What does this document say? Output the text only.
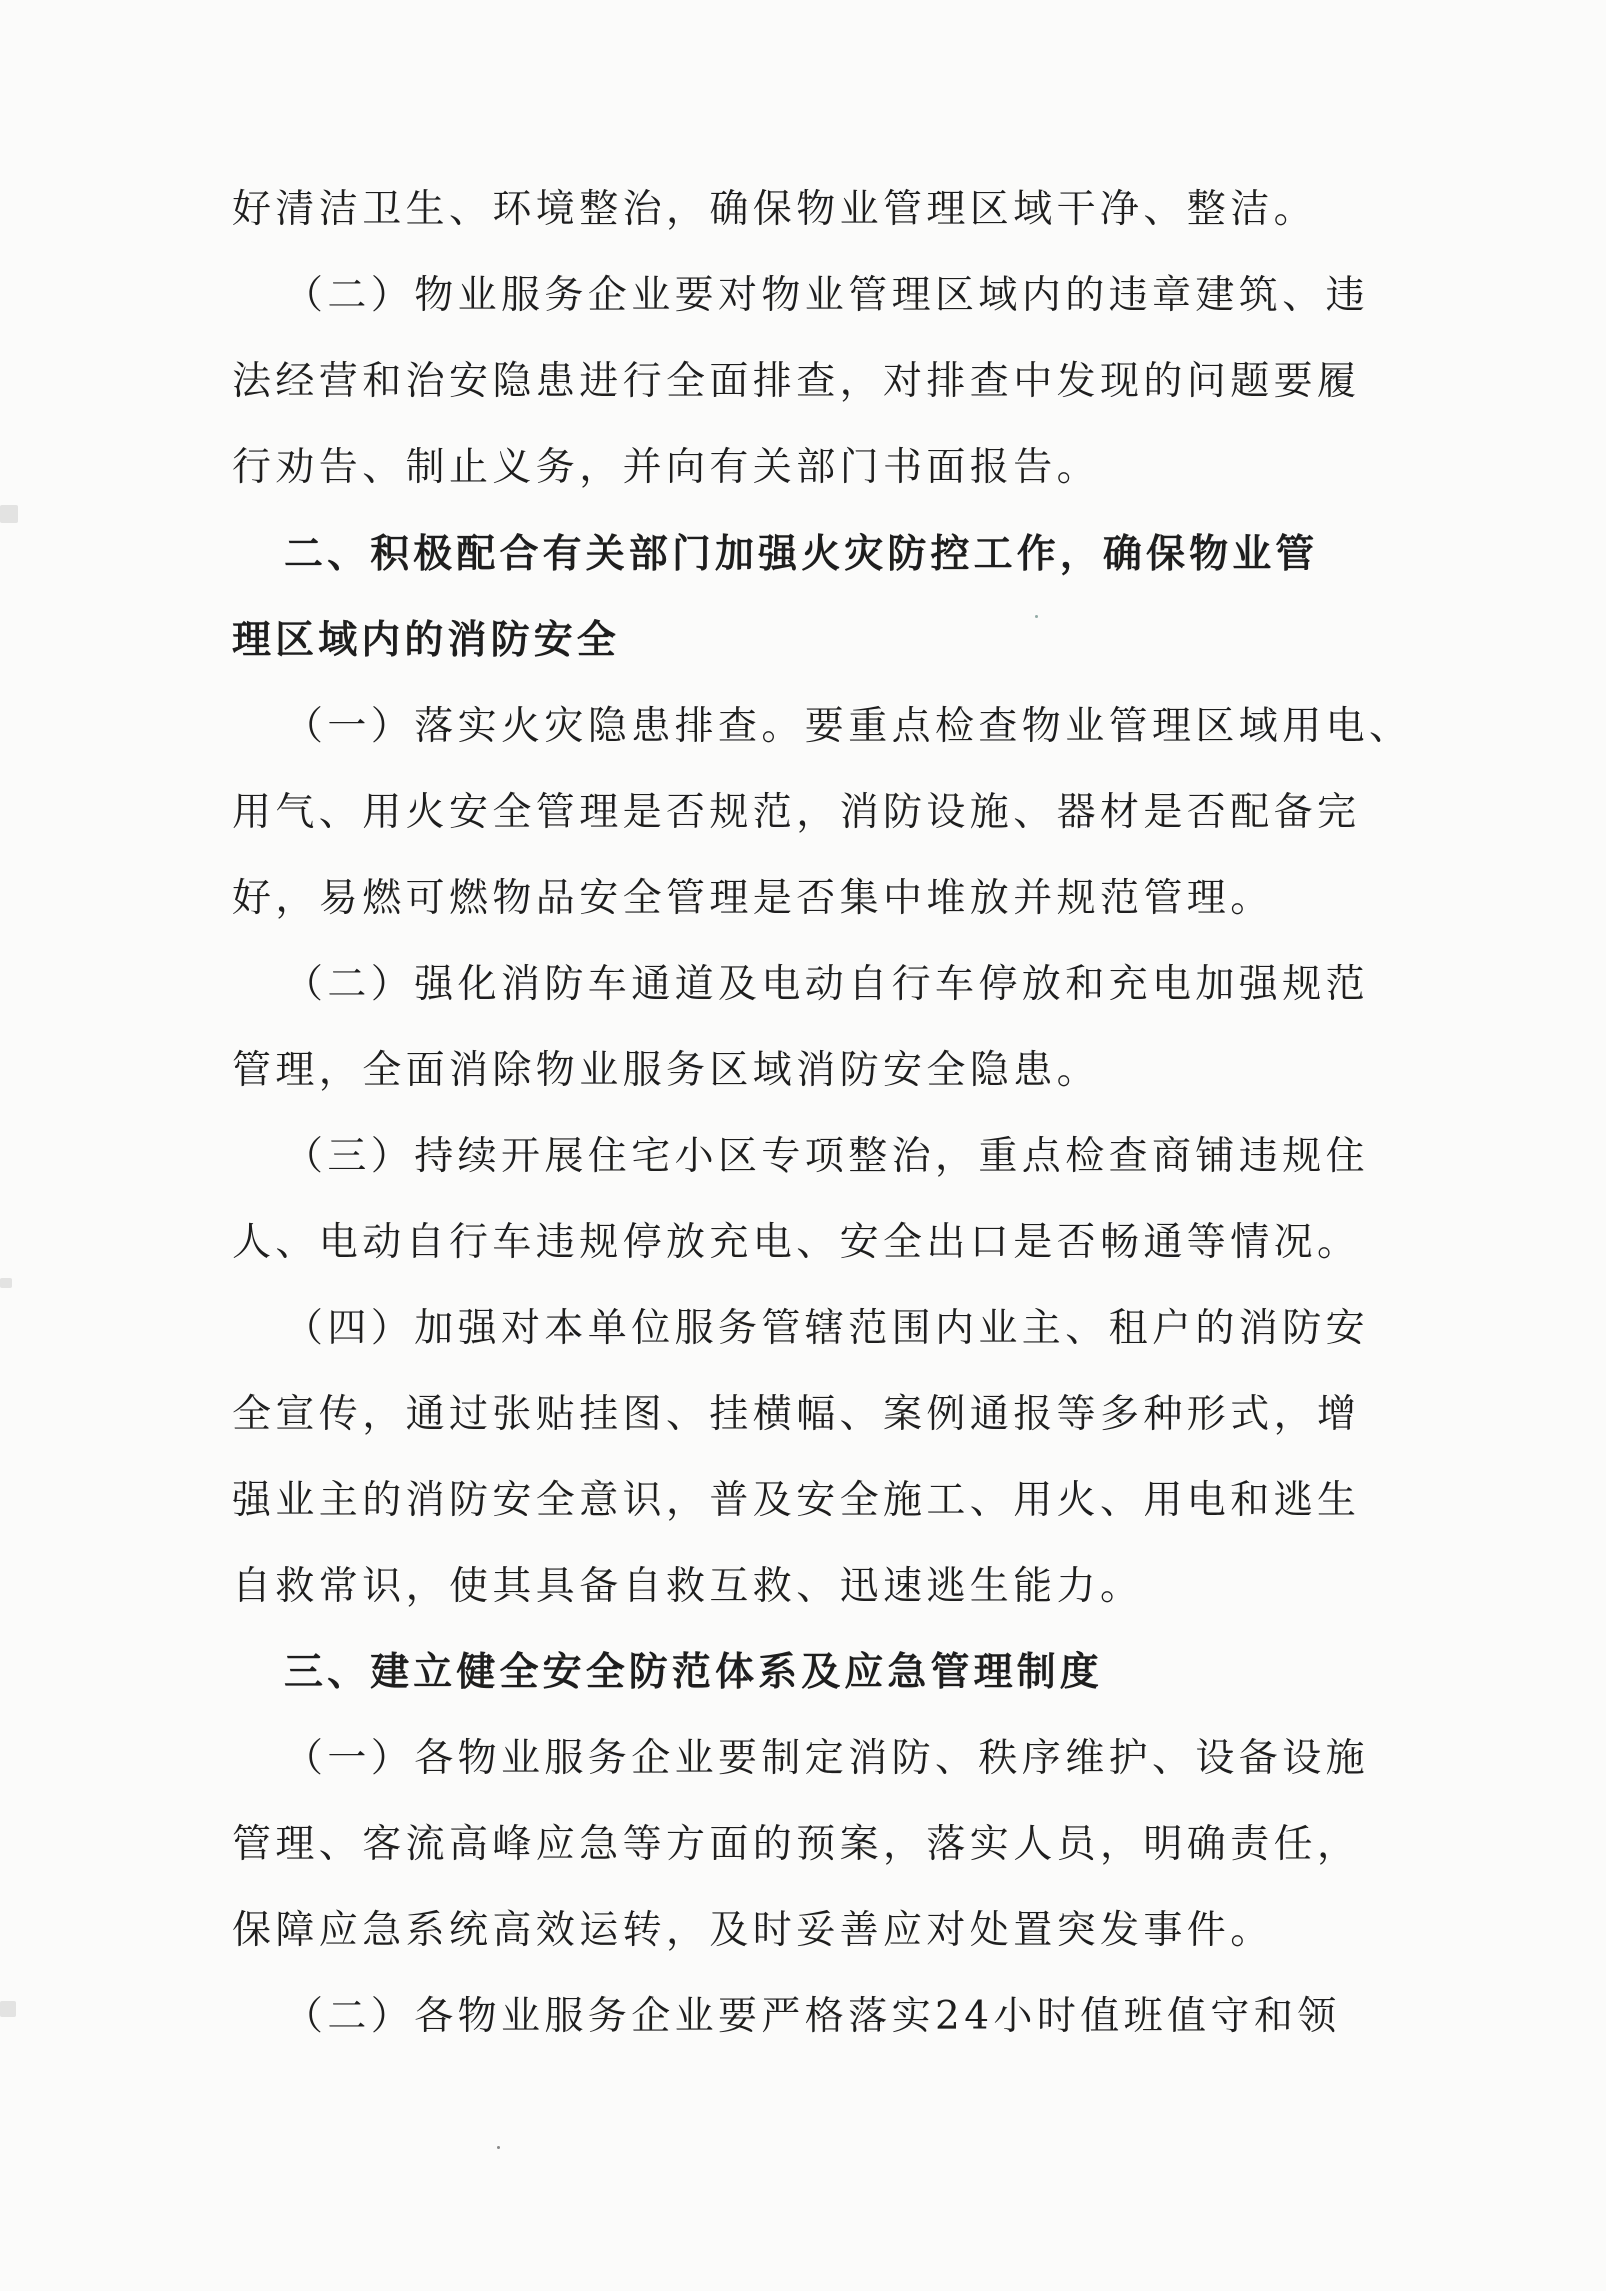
好清洁卫生、环境整治，确保物业管理区域干净、整洁。
（二）物业服务企业要对物业管理区域内的违章建筑、违
法经营和治安隐患进行全面排查，对排查中发现的问题要履
行劝告、制止义务，并向有关部门书面报告。
二、积极配合有关部门加强火灾防控工作，确保物业管
理区域内的消防安全
（一）落实火灾隐患排查。要重点检查物业管理区域用电、
用气、用火安全管理是否规范，消防设施、器材是否配备完
好，易燃可燃物品安全管理是否集中堆放并规范管理。
（二）强化消防车通道及电动自行车停放和充电加强规范
管理，全面消除物业服务区域消防安全隐患。
（三）持续开展住宅小区专项整治，重点检查商铺违规住
人、电动自行车违规停放充电、安全出口是否畅通等情况。
（四）加强对本单位服务管辖范围内业主、租户的消防安
全宣传，通过张贴挂图、挂横幅、案例通报等多种形式，增
强业主的消防安全意识，普及安全施工、用火、用电和逃生
自救常识，使其具备自救互救、迅速逃生能力。
三、建立健全安全防范体系及应急管理制度
（一）各物业服务企业要制定消防、秩序维护、设备设施
管理、客流高峰应急等方面的预案，落实人员，明确责任，
保障应急系统高效运转，及时妥善应对处置突发事件。
（二）各物业服务企业要严格落实24小时值班值守和领
